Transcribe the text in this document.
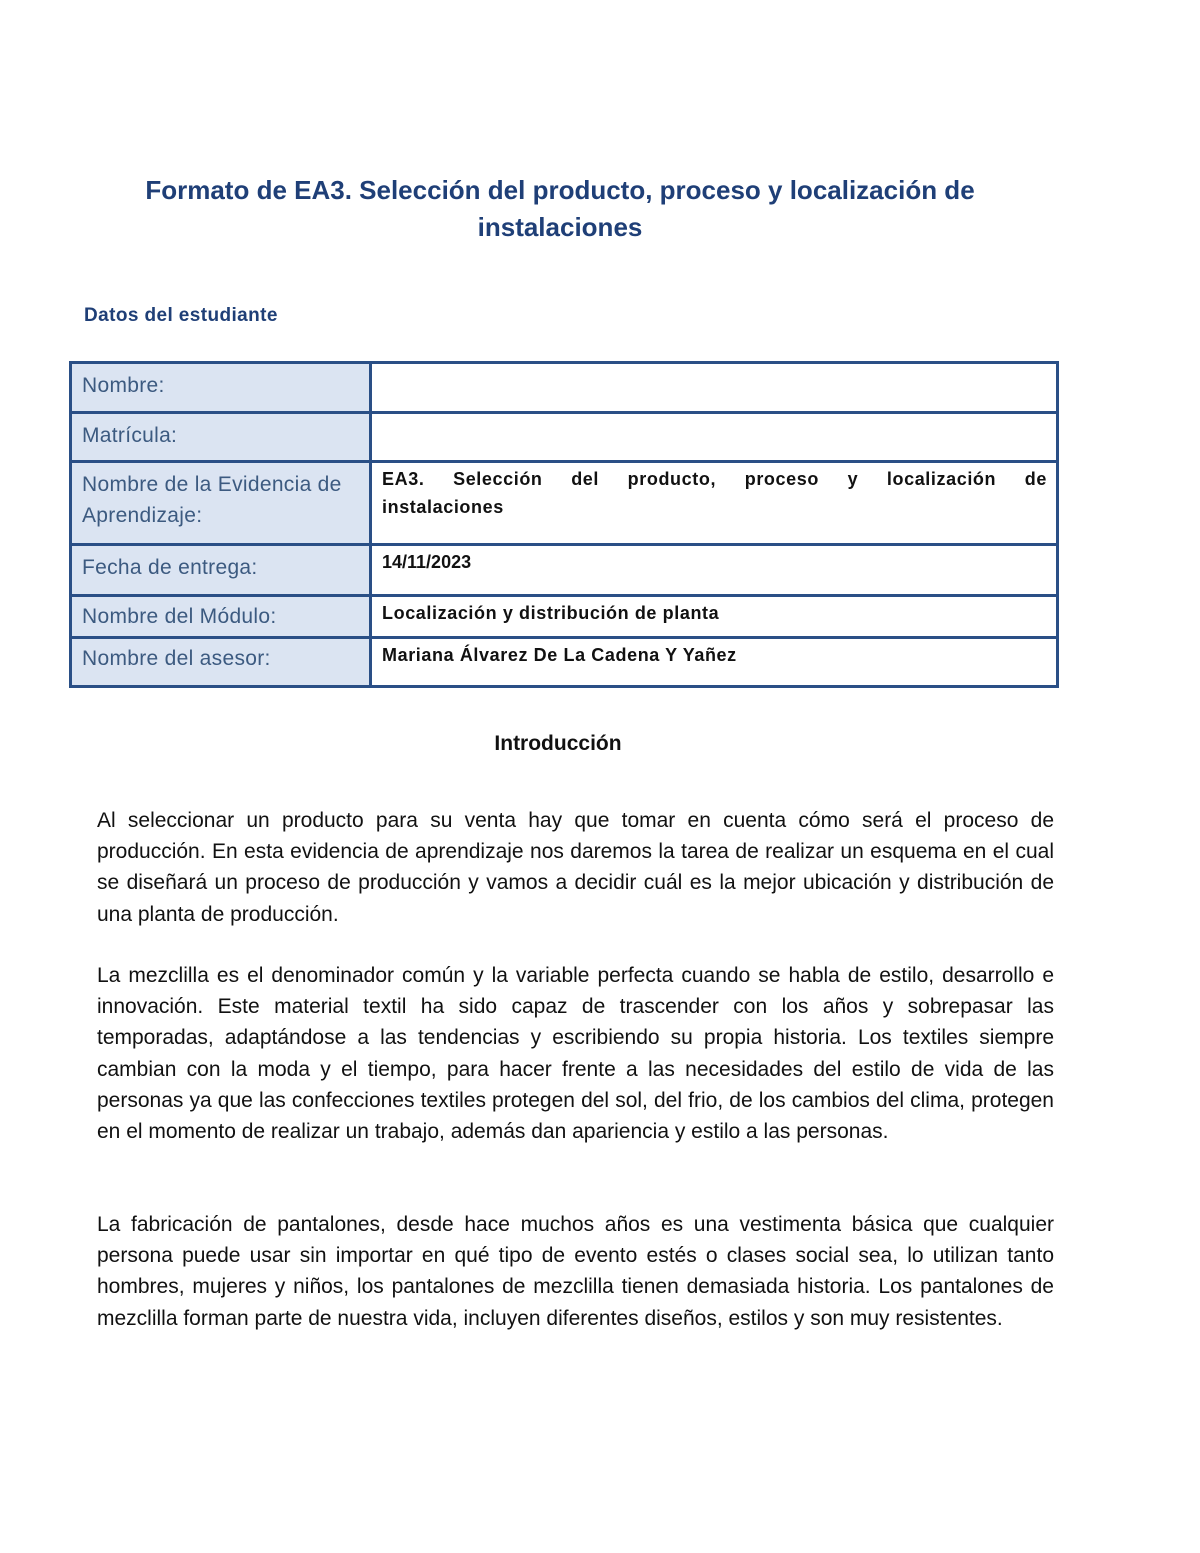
Formato de EA3. Selección del producto, proceso y localización de instalaciones
Datos del estudiante
Nombre:	
Matrícula:	
Nombre de la Evidencia de Aprendizaje:	EA3. Selección del producto, proceso y localización de instalaciones

Fecha de entrega:	14/11/2023
Nombre del Módulo:	Localización y distribución de planta
Nombre del asesor:	Mariana Álvarez De La Cadena Y Yañez
Introducción

Al seleccionar un producto para su venta hay que tomar en cuenta cómo será el proceso de producción. En esta evidencia de aprendizaje nos daremos la tarea de realizar un esquema en el cual se diseñará un proceso de producción y vamos a decidir cuál es la mejor ubicación y distribución de una planta de producción.

La mezclilla es el denominador común y la variable perfecta cuando se habla de estilo, desarrollo e innovación. Este material textil ha sido capaz de trascender con los años y sobrepasar las temporadas, adaptándose a las tendencias y escribiendo su propia historia. Los textiles siempre cambian con la moda y el tiempo, para hacer frente a las necesidades del estilo de vida de las personas ya que las confecciones textiles protegen del sol, del frio, de los cambios del clima, protegen en el momento de realizar un trabajo, además dan apariencia y estilo a las personas.

La fabricación de pantalones, desde hace muchos años es una vestimenta básica que cualquier persona puede usar sin importar en qué tipo de evento estés o clases social sea, lo utilizan tanto hombres, mujeres y niños, los pantalones de mezclilla tienen demasiada historia. Los pantalones de mezclilla forman parte de nuestra vida, incluyen diferentes diseños, estilos y son muy resistentes.
